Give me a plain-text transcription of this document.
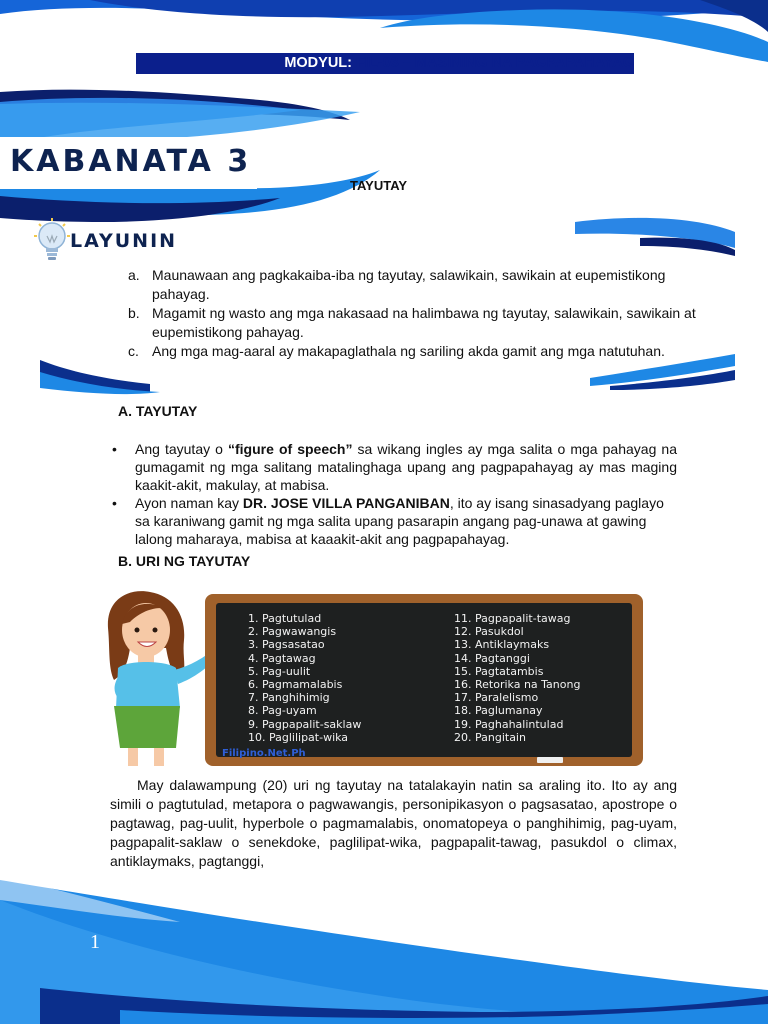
MODYUL: FIL-03 – MASINING NA PAGPAPAHAYAG
KABANATA 3
TAYUTAY
LAYUNIN
a. Maunawaan ang pagkakaiba-iba ng tayutay, salawikain, sawikain at eupemistikong pahayag.
b. Magamit ng wasto ang mga nakasaad na halimbawa ng tayutay, salawikain, sawikain at eupemistikong pahayag.
c. Ang mga mag-aaral ay makapaglathala ng sariling akda gamit ang mga natutuhan.
A. TAYUTAY
• Ang tayutay o “figure of speech” sa wikang ingles ay mga salita o mga pahayag na gumagamit ng mga salitang matalinghaga upang ang pagpapahayag ay mas maging kaakit-akit, makulay, at mabisa.
• Ayon naman kay DR. JOSE VILLA PANGANIBAN, ito ay isang sinasadyang paglayo sa karaniwang gamit ng mga salita upang pasarapin angang pag-unawa at gawing lalong maharaya, mabisa at kaaakit-akit ang pagpapahayag.
B. URI NG TAYUTAY
1. Pagtutulad
2. Pagwawangis
3. Pagsasatao
4. Pagtawag
5. Pag-uulit
6. Pagmamalabis
7. Panghihimig
8. Pag-uyam
9. Pagpapalit-saklaw
10. Paglilipat-wika
11. Pagpapalit-tawag
12. Pasukdol
13. Antiklaymaks
14. Pagtanggi
15. Pagtatambis
16. Retorika na Tanong
17. Paralelismo
18. Paglumanay
19. Paghahalintulad
20. Pangitain
Filipino.Net.Ph
May dalawampung (20) uri ng tayutay na tatalakayin natin sa araling ito. Ito ay ang simili o pagtutulad, metapora o pagwawangis, personipikasyon o pagsasatao, apostrope o pagtawag, pag-uulit, hyperbole o pagmamalabis, onomatopeya o panghihimig, pag-uyam, pagpapalit-saklaw o senekdoke, paglilipat-wika, pagpapalit-tawag, pasukdol o climax, antiklaymaks, pagtanggi,
1
